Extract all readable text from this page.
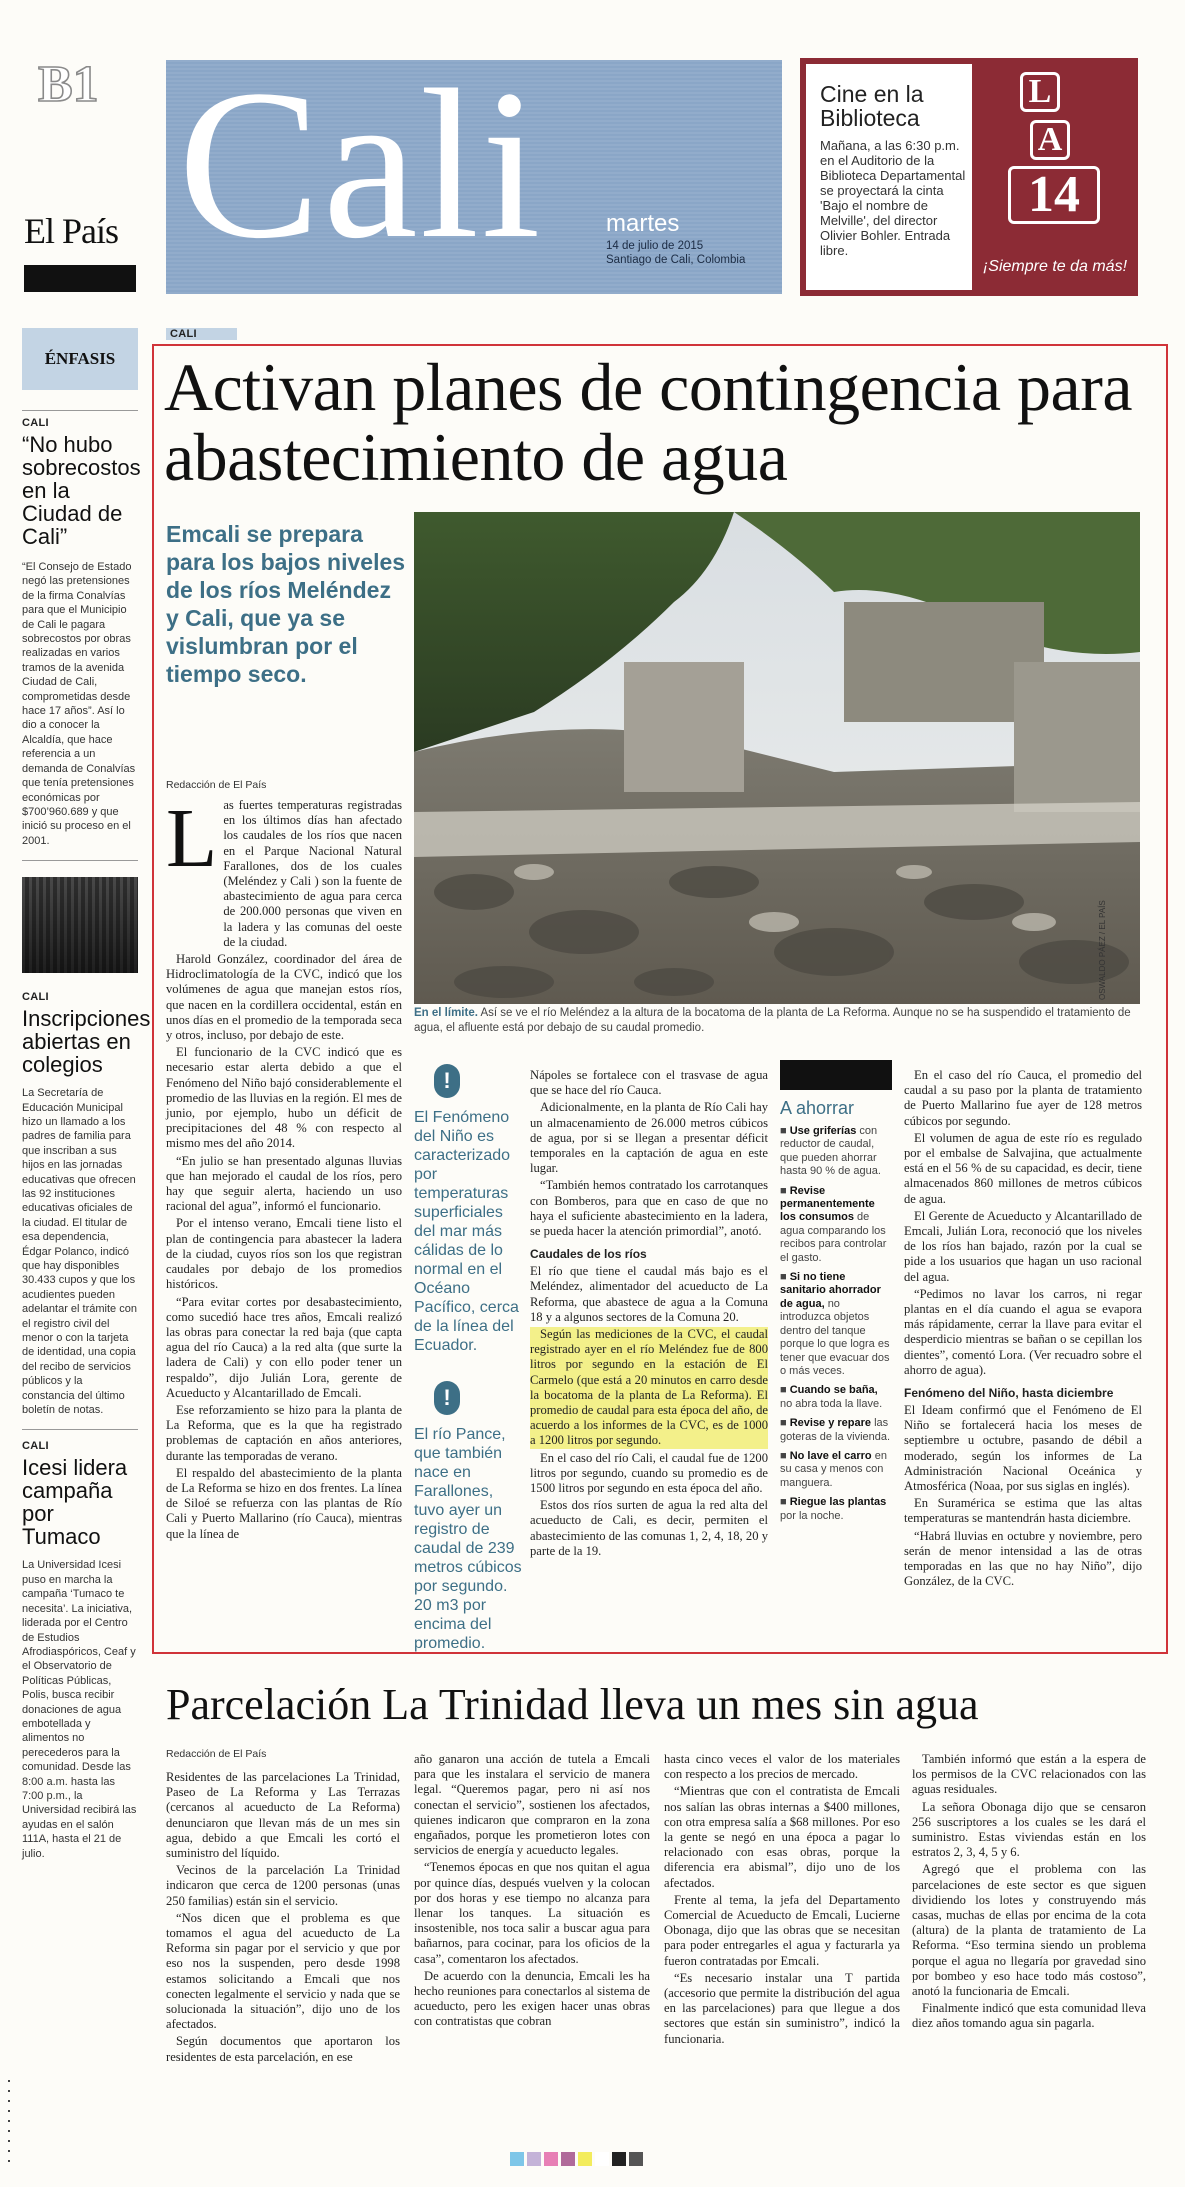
B1
El País Cali	martes
14 de julio de 2015
Santiago de Cali, Colombia
Cine en la Biblioteca
Mañana, a las 6:30 p.m. en el Auditorio de la Biblioteca Departamental se proyectará la cinta 'Bajo el nombre de Melville', del director Olivier Bohler. Entrada libre.
L
A
14
¡Siempre te da más!
ÉNFASIS
CALI
“No hubo sobrecostos en la Ciudad de Cali”
“El Consejo de Estado negó las pretensiones de la firma Conalvías para que el Municipio de Cali le pagara sobrecostos por obras realizadas en varios tramos de la avenida Ciudad de Cali, comprometidas desde hace 17 años”. Así lo dio a conocer la Alcaldía, que hace referencia a un demanda de Conalvías que tenía pretensiones económicas por $700’960.689 y que inició su proceso en el 2001.
CALI
Inscripciones abiertas en colegios
La Secretaría de Educación Municipal hizo un llamado a los padres de familia para que inscriban a sus hijos en las jornadas educativas que ofrecen las 92 instituciones educativas oficiales de la ciudad. El titular de esa dependencia, Édgar Polanco, indicó que hay disponibles 30.433 cupos y que los acudientes pueden adelantar el trámite con el registro civil del menor o con la tarjeta de identidad, una copia del recibo de servicios públicos y la constancia del último boletín de notas.
CALI
Icesi lidera campaña por Tumaco
La Universidad Icesi puso en marcha la campaña ‘Tumaco te necesita’. La iniciativa, liderada por el Centro de Estudios Afrodiaspóricos, Ceaf y el Observatorio de Políticas Públicas, Polis, busca recibir donaciones de agua embotellada y alimentos no perecederos para la comunidad. Desde las 8:00 a.m. hasta las 7:00 p.m., la Universidad recibirá las ayudas en el salón 111A, hasta el 21 de julio.
CALI
Activan planes de contingencia para abastecimiento de agua
Emcali se prepara para los bajos niveles de los ríos Meléndez y Cali, que ya se vislumbran por el tiempo seco.
Redacción de El País
OSWALDO PÁEZ / EL PAÍS
En el límite. Así se ve el río Meléndez a la altura de la bocatoma de la planta de La Reforma. Aunque no se ha suspendido el tratamiento de agua, el afluente está por debajo de su caudal promedio.
L as fuertes temperaturas registradas en los últimos días han afectado los caudales de los ríos que nacen en el Parque Nacional Natural Farallones, dos de los cuales (Meléndez y Cali ) son la fuente de abastecimiento de agua para cerca de 200.000 personas que viven en la ladera y las comunas del oeste de la ciudad.

Harold González, coordinador del área de Hidroclimatología de la CVC, indicó que los volúmenes de agua que manejan estos ríos, que nacen en la cordillera occidental, están en unos días en el promedio de la temporada seca y otros, incluso, por debajo de este.

El funcionario de la CVC indicó que es necesario estar alerta debido a que el Fenómeno del Niño bajó considerablemente el promedio de las lluvias en la región. El mes de junio, por ejemplo, hubo un déficit de precipitaciones del 48 % con respecto al mismo mes del año 2014.

“En julio se han presentado algunas lluvias que han mejorado el caudal de los ríos, pero hay que seguir alerta, haciendo un uso racional del agua”, informó el funcionario.

Por el intenso verano, Emcali tiene listo el plan de contingencia para abastecer la ladera de la ciudad, cuyos ríos son los que registran caudales por debajo de los promedios históricos.

“Para evitar cortes por desabastecimiento, como sucedió hace tres años, Emcali realizó las obras para conectar la red baja (que capta agua del río Cauca) a la red alta (que surte la ladera de Cali) y con ello poder tener un respaldo”, dijo Julián Lora, gerente de Acueducto y Alcantarillado de Emcali.

Ese reforzamiento se hizo para la planta de La Reforma, que es la que ha registrado problemas de captación en años anteriores, durante las temporadas de verano.

El respaldo del abastecimiento de la planta de La Reforma se hizo en dos frentes. La línea de Siloé se refuerza con las plantas de Río Cali y Puerto Mallarino (río Cauca), mientras que la línea de

!
El Fenómeno del Niño es caracterizado por temperaturas superficiales del mar más cálidas de lo normal en el Océano Pacífico, cerca de la línea del Ecuador.
!
El río Pance, que también nace en Farallones, tuvo ayer un registro de caudal de 239 metros cúbicos por segundo. 20 m3 por encima del promedio.

Nápoles se fortalece con el trasvase de agua que se hace del río Cauca.

Adicionalmente, en la planta de Río Cali hay un almacenamiento de 26.000 metros cúbicos de agua, por si se llegan a presentar déficit temporales en la captación de agua en este lugar.

“También hemos contratado los carrotanques con Bomberos, para que en caso de que no haya el suficiente abastecimiento en la ladera, se pueda hacer la atención primordial”, anotó.

Caudales de los ríos

El río que tiene el caudal más bajo es el Meléndez, alimentador del acueducto de La Reforma, que abastece de agua a la Comuna 18 y a algunos sectores de la Comuna 20.

Según las mediciones de la CVC, el caudal registrado ayer en el río Meléndez fue de 800 litros por segundo en la estación de El Carmelo (que está a 20 minutos en carro desde la bocatoma de la planta de La Reforma). El promedio de caudal para esta época del año, de acuerdo a los informes de la CVC, es de 1000 a 1200 litros por segundo.

En el caso del río Cali, el caudal fue de 1200 litros por segundo, cuando su promedio es de 1500 litros por segundo en esta época del año.

Estos dos ríos surten de agua la red alta del acueducto de Cali, es decir, permiten el abastecimiento de las comunas 1, 2, 4, 18, 20 y parte de la 19.

A ahorrar
■ Use griferías con reductor de caudal, que pueden ahorrar hasta 90 % de agua.
■ Revise permanentemente los consumos de agua comparando los recibos para controlar el gasto.
■ Si no tiene sanitario ahorrador de agua, no introduzca objetos dentro del tanque porque lo que logra es tener que evacuar dos o más veces.
■ Cuando se baña, no abra toda la llave.
■ Revise y repare las goteras de la vivienda.
■ No lave el carro en su casa y menos con manguera.
■ Riegue las plantas por la noche.

En el caso del río Cauca, el promedio del caudal a su paso por la planta de tratamiento de Puerto Mallarino fue ayer de 128 metros cúbicos por segundo.

El volumen de agua de este río es regulado por el embalse de Salvajina, que actualmente está en el 56 % de su capacidad, es decir, tiene almacenados 860 millones de metros cúbicos de agua.

El Gerente de Acueducto y Alcantarillado de Emcali, Julián Lora, reconoció que los niveles de los ríos han bajado, razón por la cual se pide a los usuarios que hagan un uso racional del agua.

“Pedimos no lavar los carros, ni regar plantas en el día cuando el agua se evapora más rápidamente, cerrar la llave para evitar el desperdicio mientras se bañan o se cepillan los dientes”, comentó Lora. (Ver recuadro sobre el ahorro de agua).

Fenómeno del Niño, hasta diciembre

El Ideam confirmó que el Fenómeno de El Niño se fortalecerá hacia los meses de septiembre u octubre, pasando de débil a moderado, según los informes de La Administración Nacional Oceánica y Atmosférica (Noaa, por sus siglas en inglés).

En Suramérica se estima que las altas temperaturas se mantendrán hasta diciembre.

“Habrá lluvias en octubre y noviembre, pero serán de menor intensidad a las de otras temporadas en las que no hay Niño”, dijo González, de la CVC.

Parcelación La Trinidad lleva un mes sin agua
Redacción de El País

Residentes de las parcelaciones La Trinidad, Paseo de La Reforma y Las Terrazas (cercanos al acueducto de La Reforma) denunciaron que llevan más de un mes sin agua, debido a que Emcali les cortó el suministro del líquido.

Vecinos de la parcelación La Trinidad indicaron que cerca de 1200 personas (unas 250 familias) están sin el servicio.

“Nos dicen que el problema es que tomamos el agua del acueducto de La Reforma sin pagar por el servicio y que por eso nos la suspenden, pero desde 1998 estamos solicitando a Emcali que nos conecten legalmente el servicio y nada que se solucionada la situación”, dijo uno de los afectados.

Según documentos que aportaron los residentes de esta parcelación, en ese

año ganaron una acción de tutela a Emcali para que les instalara el servicio de manera legal. “Queremos pagar, pero ni así nos conectan el servicio”, sostienen los afectados, quienes indicaron que compraron en la zona engañados, porque les prometieron lotes con servicios de energía y acueducto legales.

“Tenemos épocas en que nos quitan el agua por quince días, después vuelven y la colocan por dos horas y ese tiempo no alcanza para llenar los tanques. La situación es insostenible, nos toca salir a buscar agua para bañarnos, para cocinar, para los oficios de la casa”, comentaron los afectados.

De acuerdo con la denuncia, Emcali les ha hecho reuniones para conectarlos al sistema de acueducto, pero les exigen hacer unas obras con contratistas que cobran

hasta cinco veces el valor de los materiales con respecto a los precios de mercado.

“Mientras que con el contratista de Emcali nos salían las obras internas a $400 millones, con otra empresa salía a $68 millones. Por eso la gente se negó en una época a pagar lo relacionado con esas obras, porque la diferencia era abismal”, dijo uno de los afectados.

Frente al tema, la jefa del Departamento Comercial de Acueducto de Emcali, Lucierne Obonaga, dijo que las obras que se necesitan para poder entregarles el agua y facturarla ya fueron contratadas por Emcali.

“Es necesario instalar una T partida (accesorio que permite la distribución del agua en las parcelaciones) para que llegue a dos sectores que están sin suministro”, indicó la funcionaria.

También informó que están a la espera de los permisos de la CVC relacionados con las aguas residuales.

La señora Obonaga dijo que se censaron 256 suscriptores a los cuales se les dará el suministro. Estas viviendas están en los estratos 2, 3, 4, 5 y 6.

Agregó que el problema con las parcelaciones de este sector es que siguen dividiendo los lotes y construyendo más casas, muchas de ellas por encima de la cota (altura) de la planta de tratamiento de La Reforma. “Eso termina siendo un problema porque el agua no llegaría por gravedad sino por bombeo y eso hace todo más costoso”, anotó la funcionaria de Emcali.

Finalmente indicó que esta comunidad lleva diez años tomando agua sin pagarla.
